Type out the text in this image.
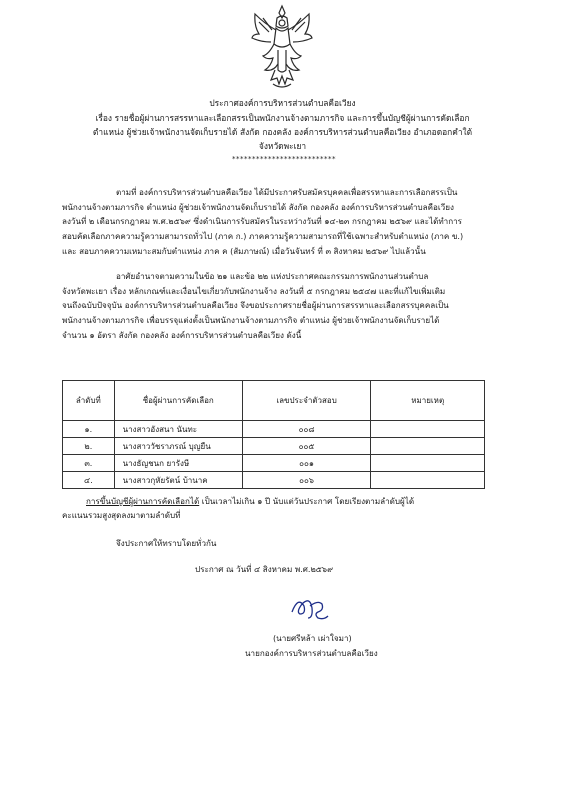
ประกาศองค์การบริหารส่วนตำบลคือเวียง
เรื่อง รายชื่อผู้ผ่านการสรรหาและเลือกสรรเป็นพนักงานจ้างตามภารกิจ และการขึ้นบัญชีผู้ผ่านการคัดเลือก
ตำแหน่ง ผู้ช่วยเจ้าพนักงานจัดเก็บรายได้ สังกัด กองคลัง องค์การบริหารส่วนตำบลคือเวียง อำเภอดอกคำใต้
จังหวัดพะเยา
**************************
ตามที่ องค์การบริหารส่วนตำบลคือเวียง ได้มีประกาศรับสมัครบุคคลเพื่อสรรหาและการเลือกสรรเป็น
พนักงานจ้างตามภารกิจ ตำแหน่ง ผู้ช่วยเจ้าพนักงานจัดเก็บรายได้ สังกัด กองคลัง องค์การบริหารส่วนตำบลคือเวียง
ลงวันที่ ๒ เดือนกรกฎาคม พ.ศ.๒๕๖๙ ซึ่งดำเนินการรับสมัครในระหว่างวันที่ ๑๔-๒๓ กรกฎาคม ๒๕๖๙ และได้ทำการ
สอบคัดเลือกภาคความรู้ความสามารถทั่วไป (ภาค ก.) ภาคความรู้ความสามารถที่ใช้เฉพาะสำหรับตำแหน่ง (ภาค ข.)
และ สอบภาคความเหมาะสมกับตำแหน่ง ภาค ค (สัมภาษณ์) เมื่อวันจันทร์ ที่ ๓ สิงหาคม ๒๕๖๙ ไปแล้วนั้น
อาศัยอำนาจตามความในข้อ ๒๑ และข้อ ๒๒ แห่งประกาศคณะกรรมการพนักงานส่วนตำบล
จังหวัดพะเยา เรื่อง หลักเกณฑ์และเงื่อนไขเกี่ยวกับพนักงานจ้าง ลงวันที่ ๕ กรกฎาคม ๒๕๔๗ และที่แก้ไขเพิ่มเติม
จนถึงฉบับปัจจุบัน องค์การบริหารส่วนตำบลคือเวียง จึงขอประกาศรายชื่อผู้ผ่านการสรรหาและเลือกสรรบุคคลเป็น
พนักงานจ้างตามภารกิจ เพื่อบรรจุแต่งตั้งเป็นพนักงานจ้างตามภารกิจ ตำแหน่ง ผู้ช่วยเจ้าพนักงานจัดเก็บรายได้
จำนวน ๑ อัตรา สังกัด กองคลัง องค์การบริหารส่วนตำบลคือเวียง ดังนี้
ลำดับที่	ชื่อผู้ผ่านการคัดเลือก	เลขประจำตัวสอบ	หมายเหตุ
๑.	นางสาวอังสนา นันทะ	๐๐๘	
๒.	นางสาววัชราภรณ์ บุญยืน	๐๐๕	
๓.	นางธัญชนก ยารังษี	๐๐๑	
๔.	นางสาวกุหัยรัตน์ บ้านาค	๐๐๖	
การขึ้นบัญชีผู้ผ่านการคัดเลือกได้ เป็นเวลาไม่เกิน ๑ ปี นับแต่วันประกาศ โดยเรียงตามลำดับผู้ได้
คะแนนรวมสูงสุดลงมาตามลำดับที่
จึงประกาศให้ทราบโดยทั่วกัน
ประกาศ ณ วันที่ ๔ สิงหาคม พ.ศ.๒๕๖๙
(นายศรีหล้า เผ่าใจมา)
นายกองค์การบริหารส่วนตำบลคือเวียง
